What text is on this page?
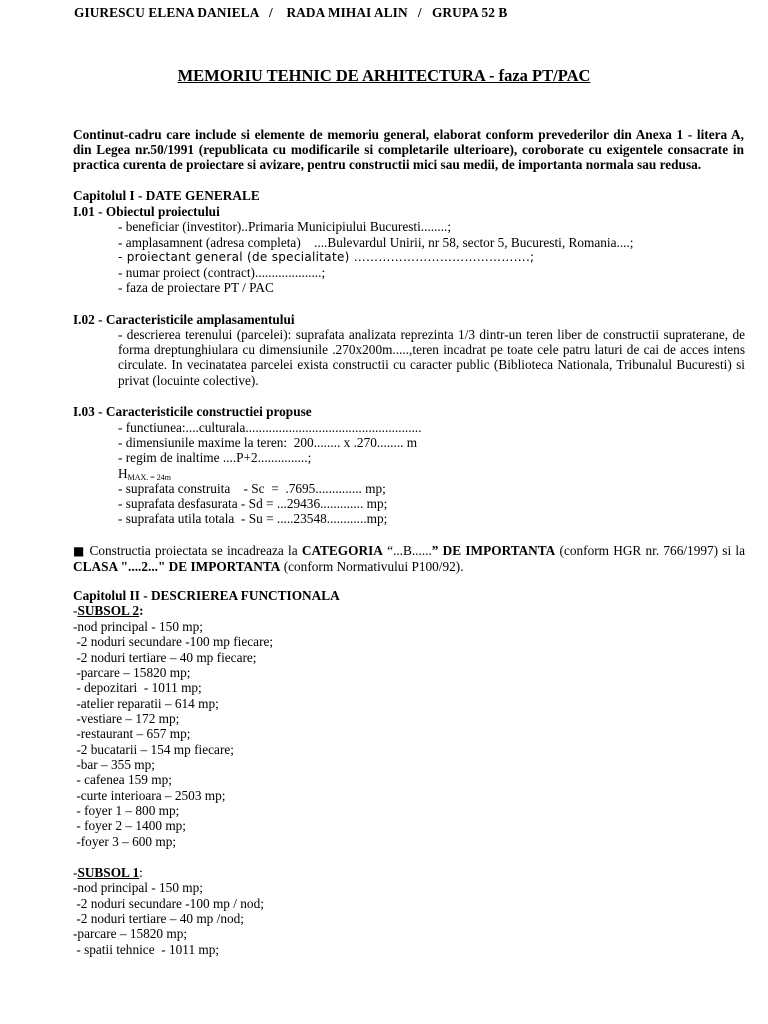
GIURESCU ELENA DANIELA   /    RADA MIHAI ALIN   /   GRUPA 52 B
MEMORIU TEHNIC DE ARHITECTURA - faza PT/PAC
Continut-cadru care include si elemente de memoriu general, elaborat conform prevederilor din Anexa 1 - litera A, din Legea nr.50/1991 (republicata cu modificarile si completarile ulterioare), coroborate cu exigentele consacrate in practica curenta de proiectare si avizare, pentru constructii mici sau medii, de importanta normala sau redusa.
Capitolul I - DATE GENERALE
I.01 - Obiectul proiectului
- beneficiar (investitor)..Primaria Municipiului Bucuresti........;
- amplasamnent (adresa completa)    ....Bulevardul Unirii, nr 58, sector 5, Bucuresti, Romania....;
- proiectant general (de specialitate) …………………………………….;
- numar proiect (contract)....................;
- faza de proiectare PT / PAC
I.02 - Caracteristicile amplasamentului
- descrierea terenului (parcelei): suprafata analizata reprezinta 1/3 dintr-un teren liber de constructii supraterane, de forma dreptunghiulara cu dimensiunile .270x200m.....,teren incadrat pe toate cele patru laturi de cai de acces intens circulate. In vecinatatea parcelei exista constructii cu caracter public (Biblioteca Nationala, Tribunalul Bucuresti) si privat (locuinte colective).
I.03 - Caracteristicile constructiei propuse
- functiunea:....culturala.....................................................
- dimensiunile maxime la teren:  200........ x .270........ m
- regim de inaltime ....P+2...............;
$H_{MAX. = 24m}$
- suprafata construita    - Sc  =  .7695.............. mp;
- suprafata desfasurata - Sd = ...29436............. mp;
- suprafata utila totala  - Su = .....23548............mp;
■ Constructia proiectata se incadreaza la CATEGORIA “...B......” DE IMPORTANTA (conform HGR nr. 766/1997) si la CLASA "....2..." DE IMPORTANTA (conform Normativului P100/92).
Capitolul II - DESCRIEREA FUNCTIONALA
-SUBSOL 2:
-nod principal - 150 mp;
-2 noduri secundare -100 mp fiecare;
-2 noduri tertiare – 40 mp fiecare;
-parcare – 15820 mp;
- depozitari  - 1011 mp;
-atelier reparatii – 614 mp;
-vestiare – 172 mp;
-restaurant – 657 mp;
-2 bucatarii – 154 mp fiecare;
-bar – 355 mp;
- cafenea 159 mp;
-curte interioara – 2503 mp;
- foyer 1 – 800 mp;
- foyer 2 – 1400 mp;
-foyer 3 – 600 mp;
-SUBSOL 1:
-nod principal - 150 mp;
-2 noduri secundare -100 mp / nod;
-2 noduri tertiare – 40 mp /nod;
-parcare – 15820 mp;
- spatii tehnice  - 1011 mp;
